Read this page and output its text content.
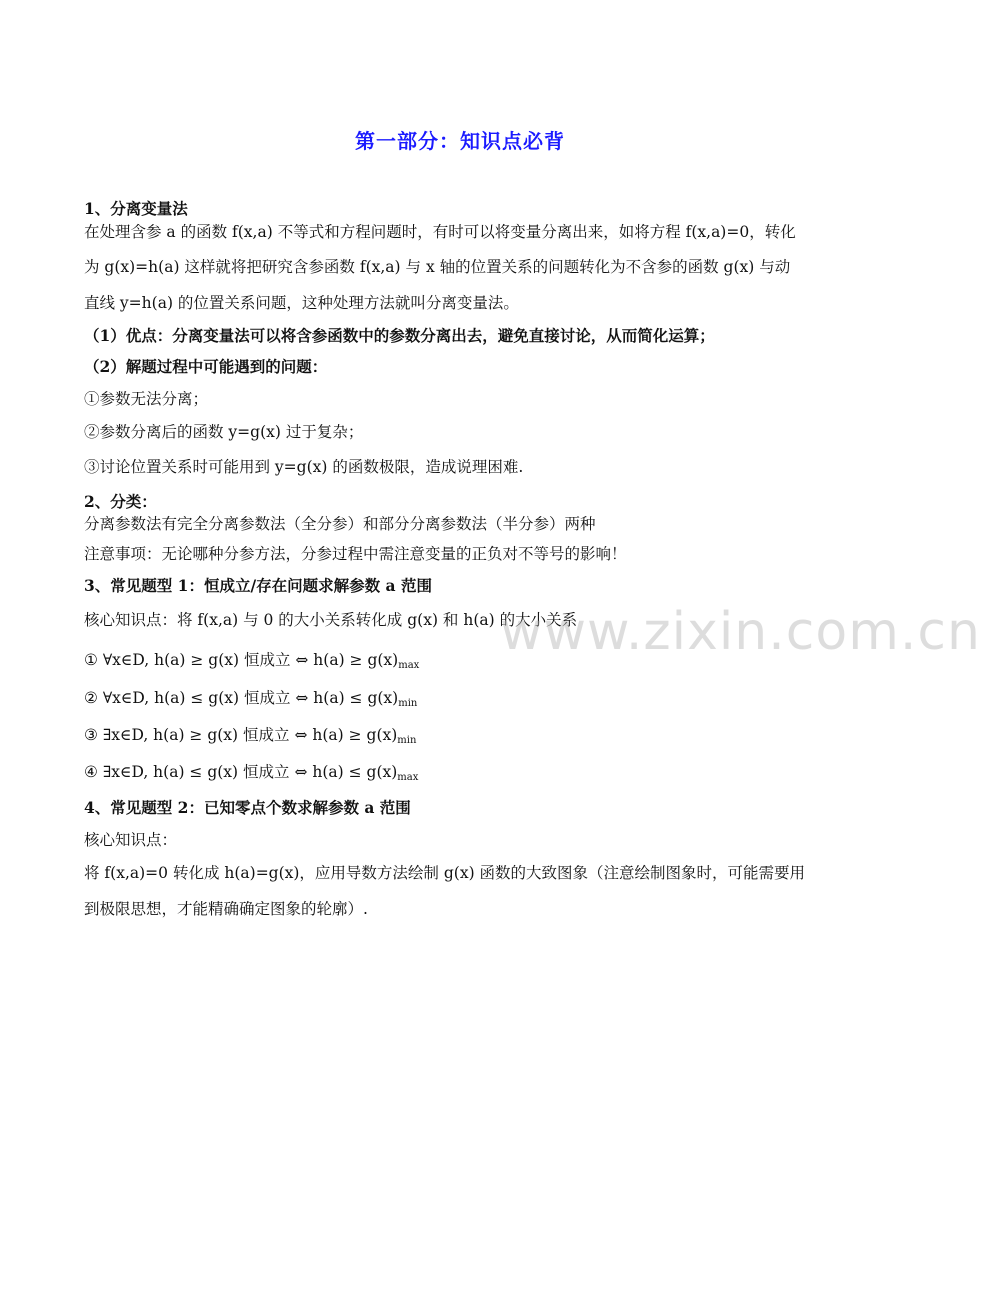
第一部分：知识点必背
1、分离变量法
在处理含参 a 的函数 f(x,a) 不等式和方程问题时，有时可以将变量分离出来，如将方程 f(x,a)=0，转化
为 g(x)=h(a) 这样就将把研究含参函数 f(x,a) 与 x 轴的位置关系的问题转化为不含参的函数 g(x) 与动
直线 y=h(a) 的位置关系问题，这种处理方法就叫分离变量法。
（1）优点：分离变量法可以将含参函数中的参数分离出去，避免直接讨论，从而简化运算；
（2）解题过程中可能遇到的问题：
①参数无法分离；
②参数分离后的函数 y=g(x) 过于复杂；
③讨论位置关系时可能用到 y=g(x) 的函数极限，造成说理困难.
2、分类：
分离参数法有完全分离参数法（全分参）和部分分离参数法（半分参）两种
注意事项：无论哪种分参方法，分参过程中需注意变量的正负对不等号的影响！
3、常见题型 1：恒成立/存在问题求解参数 a 范围
核心知识点：将 f(x,a) 与 0 的大小关系转化成 g(x) 和 h(a) 的大小关系
① ∀x∈D, h(a) ≥ g(x) 恒成立 ⇔ $h(a) \ge g(x)_{max}$
② ∀x∈D, h(a) ≤ g(x) 恒成立 ⇔ $h(a) \le g(x)_{min}$
③ ∃x∈D, h(a) ≥ g(x) 恒成立 ⇔ $h(a) \ge g(x)_{min}$
④ ∃x∈D, h(a) ≤ g(x) 恒成立 ⇔ $h(a) \le g(x)_{max}$
4、常见题型 2：已知零点个数求解参数 a 范围
核心知识点：
将 f(x,a)=0 转化成 h(a)=g(x)，应用导数方法绘制 g(x) 函数的大致图象（注意绘制图象时，可能需要用
到极限思想，才能精确确定图象的轮廓）.
www.zixin.com.cn
